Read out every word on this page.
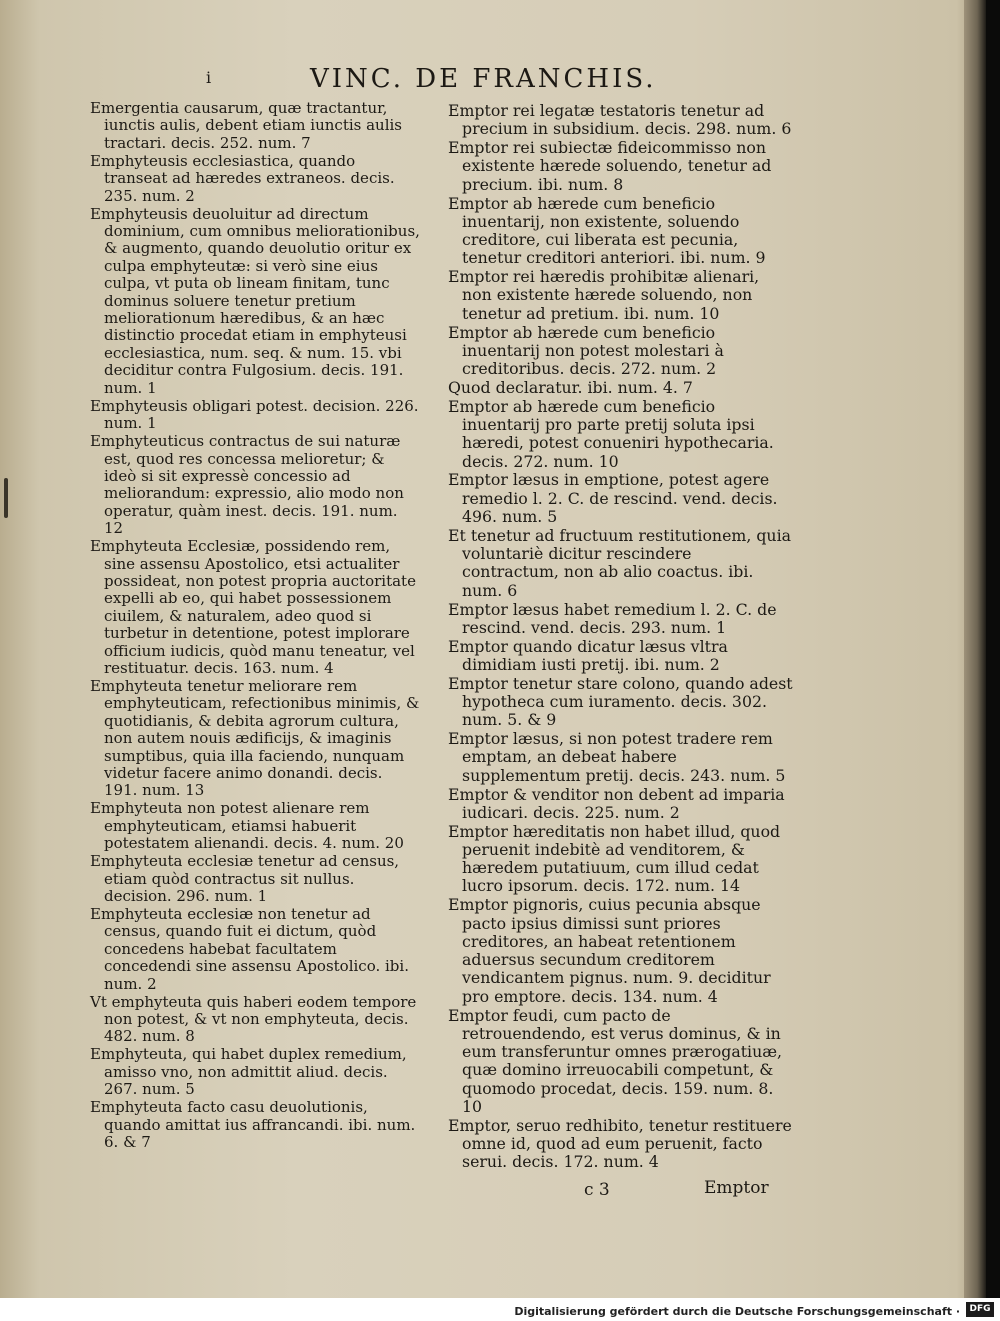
i	VINC. DE FRANCHIS.
Emergentia causarum, quæ tractantur, iunctis aulis, debent etiam iunctis aulis tractari. decis. 252. num. 7
Emphyteusis ecclesiastica, quando transeat ad hæredes extraneos. decis. 235. num. 2
Emphyteusis deuoluitur ad directum dominium, cum omnibus meliorationibus, & augmento, quando deuolutio oritur ex culpa emphyteutæ: si verò sine eius culpa, vt puta ob lineam finitam, tunc dominus soluere tenetur pretium meliorationum hæredibus, & an hæc distinctio procedat etiam in emphyteusi ecclesiastica, num. seq. & num. 15. vbi deciditur contra Fulgosium. decis. 191. num. 1
Emphyteusis obligari potest. decision. 226. num. 1
Emphyteuticus contractus de sui naturæ est, quod res concessa melioretur; & ideò si sit expressè concessio ad meliorandum: expressio, alio modo non operatur, quàm inest. decis. 191. num. 12
Emphyteuta Ecclesiæ, possidendo rem, sine assensu Apostolico, etsi actualiter possideat, non potest propria auctoritate expelli ab eo, qui habet possessionem ciuilem, & naturalem, adeo quod si turbetur in detentione, potest implorare officium iudicis, quòd manu teneatur, vel restituatur. decis. 163. num. 4
Emphyteuta tenetur meliorare rem emphyteuticam, refectionibus minimis, & quotidianis, & debita agrorum cultura, non autem nouis ædificijs, & imaginis sumptibus, quia illa faciendo, nunquam videtur facere animo donandi. decis. 191. num. 13
Emphyteuta non potest alienare rem emphyteuticam, etiamsi habuerit potestatem alienandi. decis. 4. num. 20
Emphyteuta ecclesiæ tenetur ad census, etiam quòd contractus sit nullus. decision. 296. num. 1
Emphyteuta ecclesiæ non tenetur ad census, quando fuit ei dictum, quòd concedens habebat facultatem concedendi sine assensu Apostolico. ibi. num. 2
Vt emphyteuta quis haberi eodem tempore non potest, & vt non emphyteuta, decis. 482. num. 8
Emphyteuta, qui habet duplex remedium, amisso vno, non admittit aliud. decis. 267. num. 5
Emphyteuta facto casu deuolutionis, quando amittat ius affrancandi. ibi. num. 6. & 7
Emptor rei legatæ testatoris tenetur ad precium in subsidium. decis. 298. num. 6
Emptor rei subiectæ fideicommisso non existente hærede soluendo, tenetur ad precium. ibi. num. 8
Emptor ab hærede cum beneficio inuentarij, non existente, soluendo creditore, cui liberata est pecunia, tenetur creditori anteriori. ibi. num. 9
Emptor rei hæredis prohibitæ alienari, non existente hærede soluendo, non tenetur ad pretium. ibi. num. 10
Emptor ab hærede cum beneficio inuentarij non potest molestari à creditoribus. decis. 272. num. 2
Quod declaratur. ibi. num. 4. 7
Emptor ab hærede cum beneficio inuentarij pro parte pretij soluta ipsi hæredi, potest conueniri hypothecaria. decis. 272. num. 10
Emptor læsus in emptione, potest agere remedio l. 2. C. de rescind. vend. decis. 496. num. 5
Et tenetur ad fructuum restitutionem, quia voluntariè dicitur rescindere contractum, non ab alio coactus. ibi. num. 6
Emptor læsus habet remedium l. 2. C. de rescind. vend. decis. 293. num. 1
Emptor quando dicatur læsus vltra dimidiam iusti pretij. ibi. num. 2
Emptor tenetur stare colono, quando adest hypotheca cum iuramento. decis. 302. num. 5. & 9
Emptor læsus, si non potest tradere rem emptam, an debeat habere supplementum pretij. decis. 243. num. 5
Emptor & venditor non debent ad imparia iudicari. decis. 225. num. 2
Emptor hæreditatis non habet illud, quod peruenit indebitè ad venditorem, & hæredem putatiuum, cum illud cedat lucro ipsorum. decis. 172. num. 14
Emptor pignoris, cuius pecunia absque pacto ipsius dimissi sunt priores creditores, an habeat retentionem aduersus secundum creditorem vendicantem pignus. num. 9. deciditur pro emptore. decis. 134. num. 4
Emptor feudi, cum pacto de retrouendendo, est verus dominus, & in eum transferuntur omnes prærogatiuæ, quæ domino irreuocabili competunt, & quomodo procedat, decis. 159. num. 8. 10
Emptor, seruo redhibito, tenetur restituere omne id, quod ad eum peruenit, facto serui. decis. 172. num. 4
c 3	Emptor
Digitalisierung gefördert durch die Deutsche Forschungsgemeinschaft ·	DFG
